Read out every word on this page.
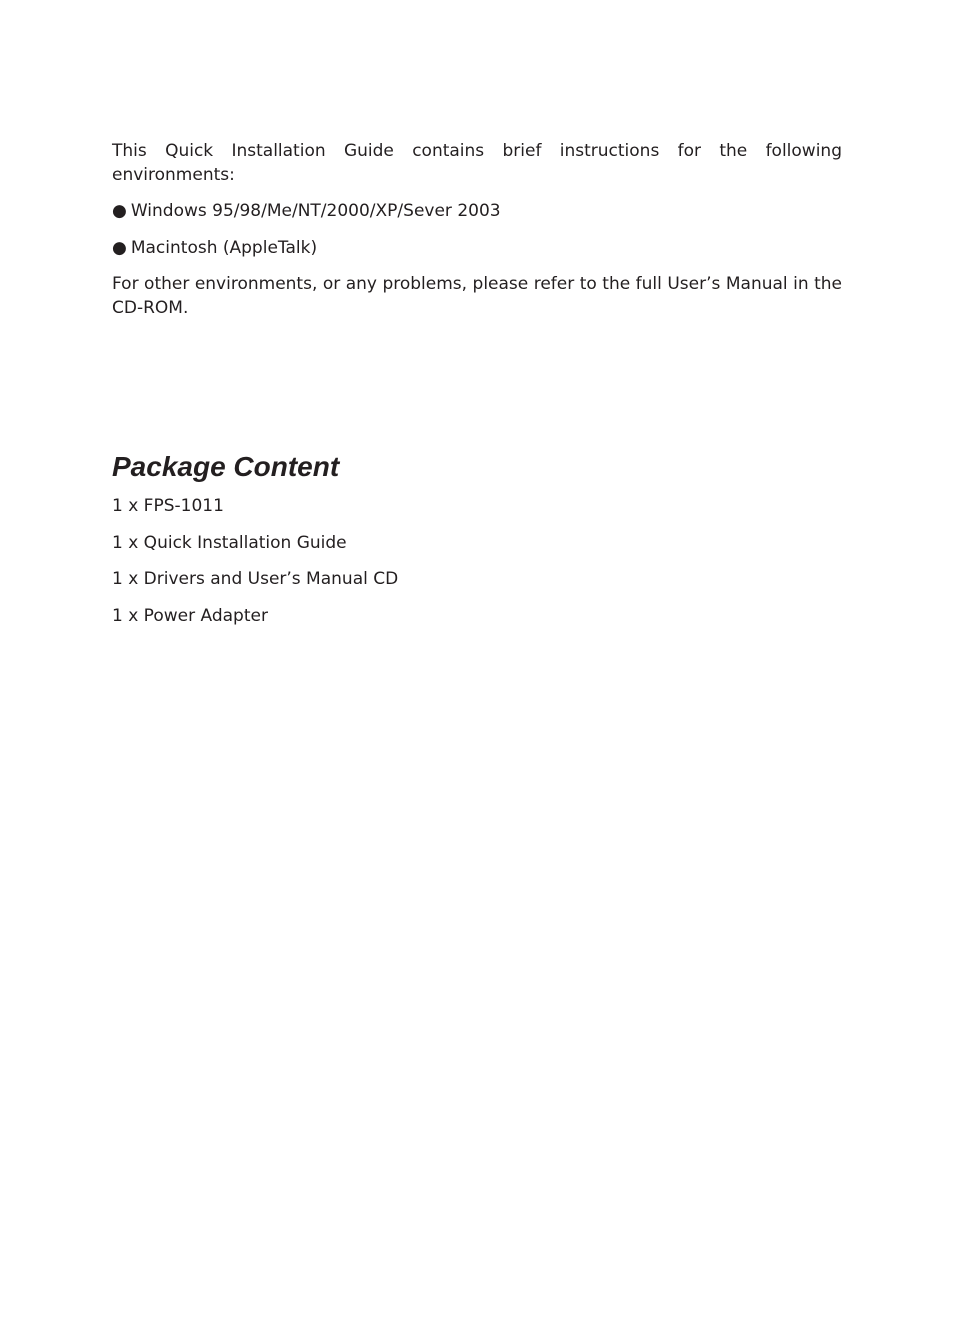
This Quick Installation Guide contains brief instructions for the following environments:

● Windows 95/98/Me/NT/2000/XP/Sever 2003

● Macintosh (AppleTalk)

For other environments, or any problems, please refer to the full User’s Manual in the CD-ROM.

Package Content

1 x FPS-1011

1 x Quick Installation Guide

1 x Drivers and User’s Manual CD

1 x Power Adapter
